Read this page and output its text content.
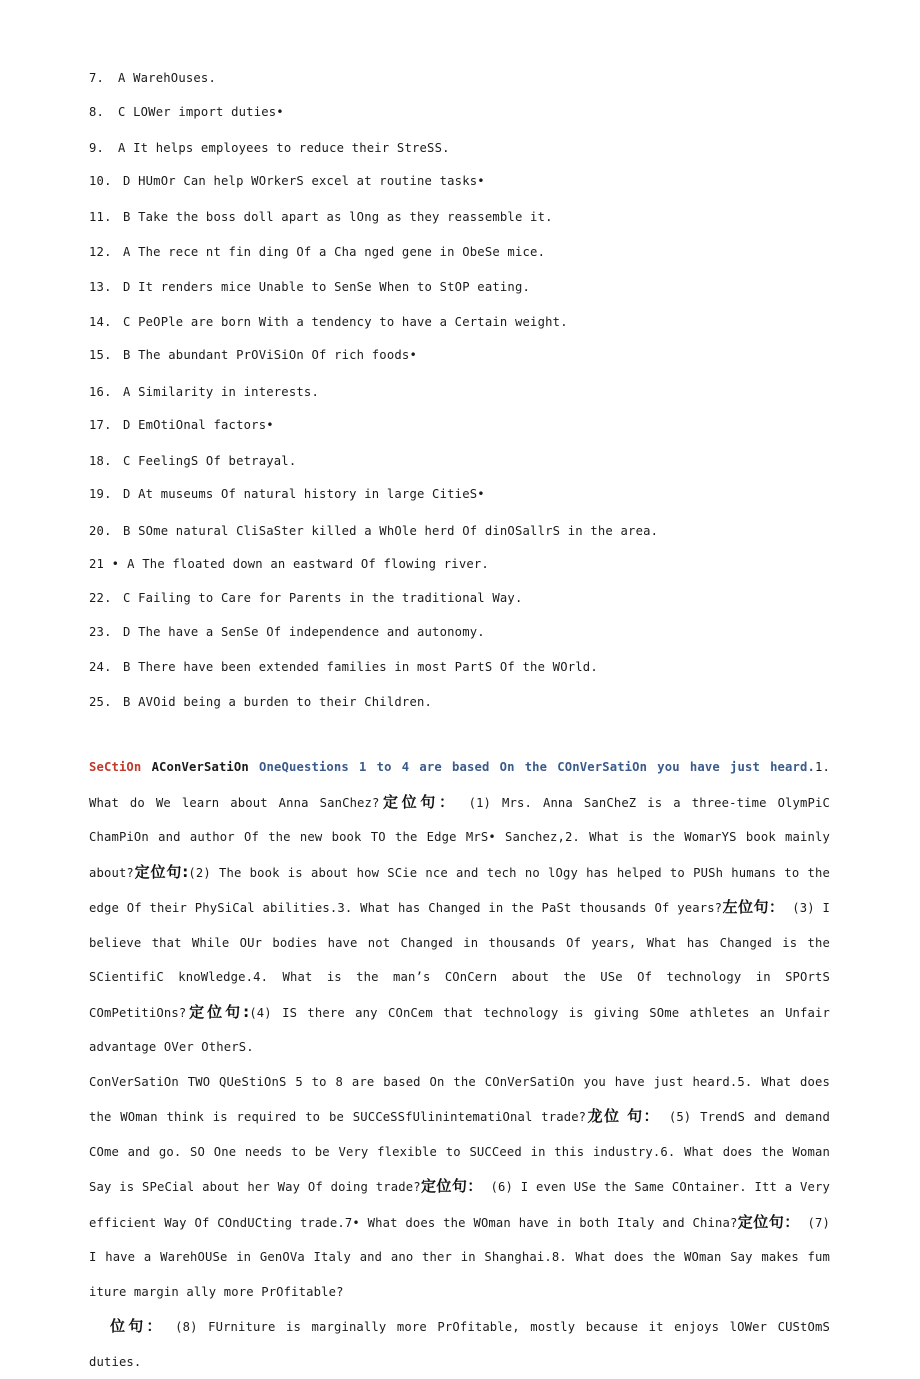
7. A WarehOuses.
8. C LOWer import duties•
9. A It helps employees to reduce their StreSS.
10. D HUmOr Can help WOrkerS excel at routine tasks•
11. B Take the boss doll apart as lOng as they reassemble it.
12. A The rece nt fin ding Of a Cha nged gene in ObeSe mice.
13. D It renders mice Unable to SenSe When to StOP eating.
14. C PeOPle are born With a tendency to have a Certain weight.
15. B The abundant PrOViSiOn Of rich foods•
16. A Similarity in interests.
17. D EmOtiOnal factors•
18. C FeelingS Of betrayal.
19. D At museums Of natural history in large CitieS•
20. B SOme natural CliSaSter killed a WhOle herd Of dinOSallrS in the area.
21 • A The floated down an eastward Of flowing river.
22. C Failing to Care for Parents in the traditional Way.
23. D The have a SenSe Of independence and autonomy.
24. B There have been extended families in most PartS Of the WOrld.
25. B AVOid being a burden to their Children.

SeCtiOn AConVerSatiOn OneQuestions 1 to 4 are based On the COnVerSatiOn you have just heard.1. What do We learn about Anna SanChez?定位句： (1) Mrs. Anna SanCheZ is a three-time OlymPiC ChamPiOn and author Of the new book TO the Edge MrS• Sanchez,2. What is the WomarYS book mainly about?定位句:(2) The book is about how SCie nce and tech no lOgy has helped to PUSh humans to the edge Of their PhySiCal abilities.3. What has Changed in the PaSt thousands Of years?左位句： (3) I believe that While OUr bodies have not Changed in thousands Of years, What has Changed is the SCientifiC knoWledge.4. What is the man’s COnCern about the USe Of technology in SPOrtS COmPetitiOns?定位句:(4) IS there any COnCem that technology is giving SOme athletes an Unfair advantage OVer OtherS.

ConVerSatiOn TWO QUeStiOnS 5 to 8 are based On the COnVerSatiOn you have just heard.5. What does the WOman think is required to be SUCCeSSfUlinintematiOnal trade?龙位 句： (5) TrendS and demand COme and go. SO One needs to be Very flexible to SUCCeed in this industry.6. What does the Woman Say is SPeCial about her Way Of doing trade?定位句： (6) I even USe the Same COntainer. Itt a Very efficient Way Of COndUCting trade.7• What does the WOman have in both Italy and China?定位句： (7) I have a WarehOUSe in GenOVa Italy and ano ther in Shanghai.8. What does the WOman Say makes fum iture margin ally more PrOfitable?

位句： (8) FUrniture is marginally more PrOfitable, mostly because it enjoys lOWer CUStOmS duties.
